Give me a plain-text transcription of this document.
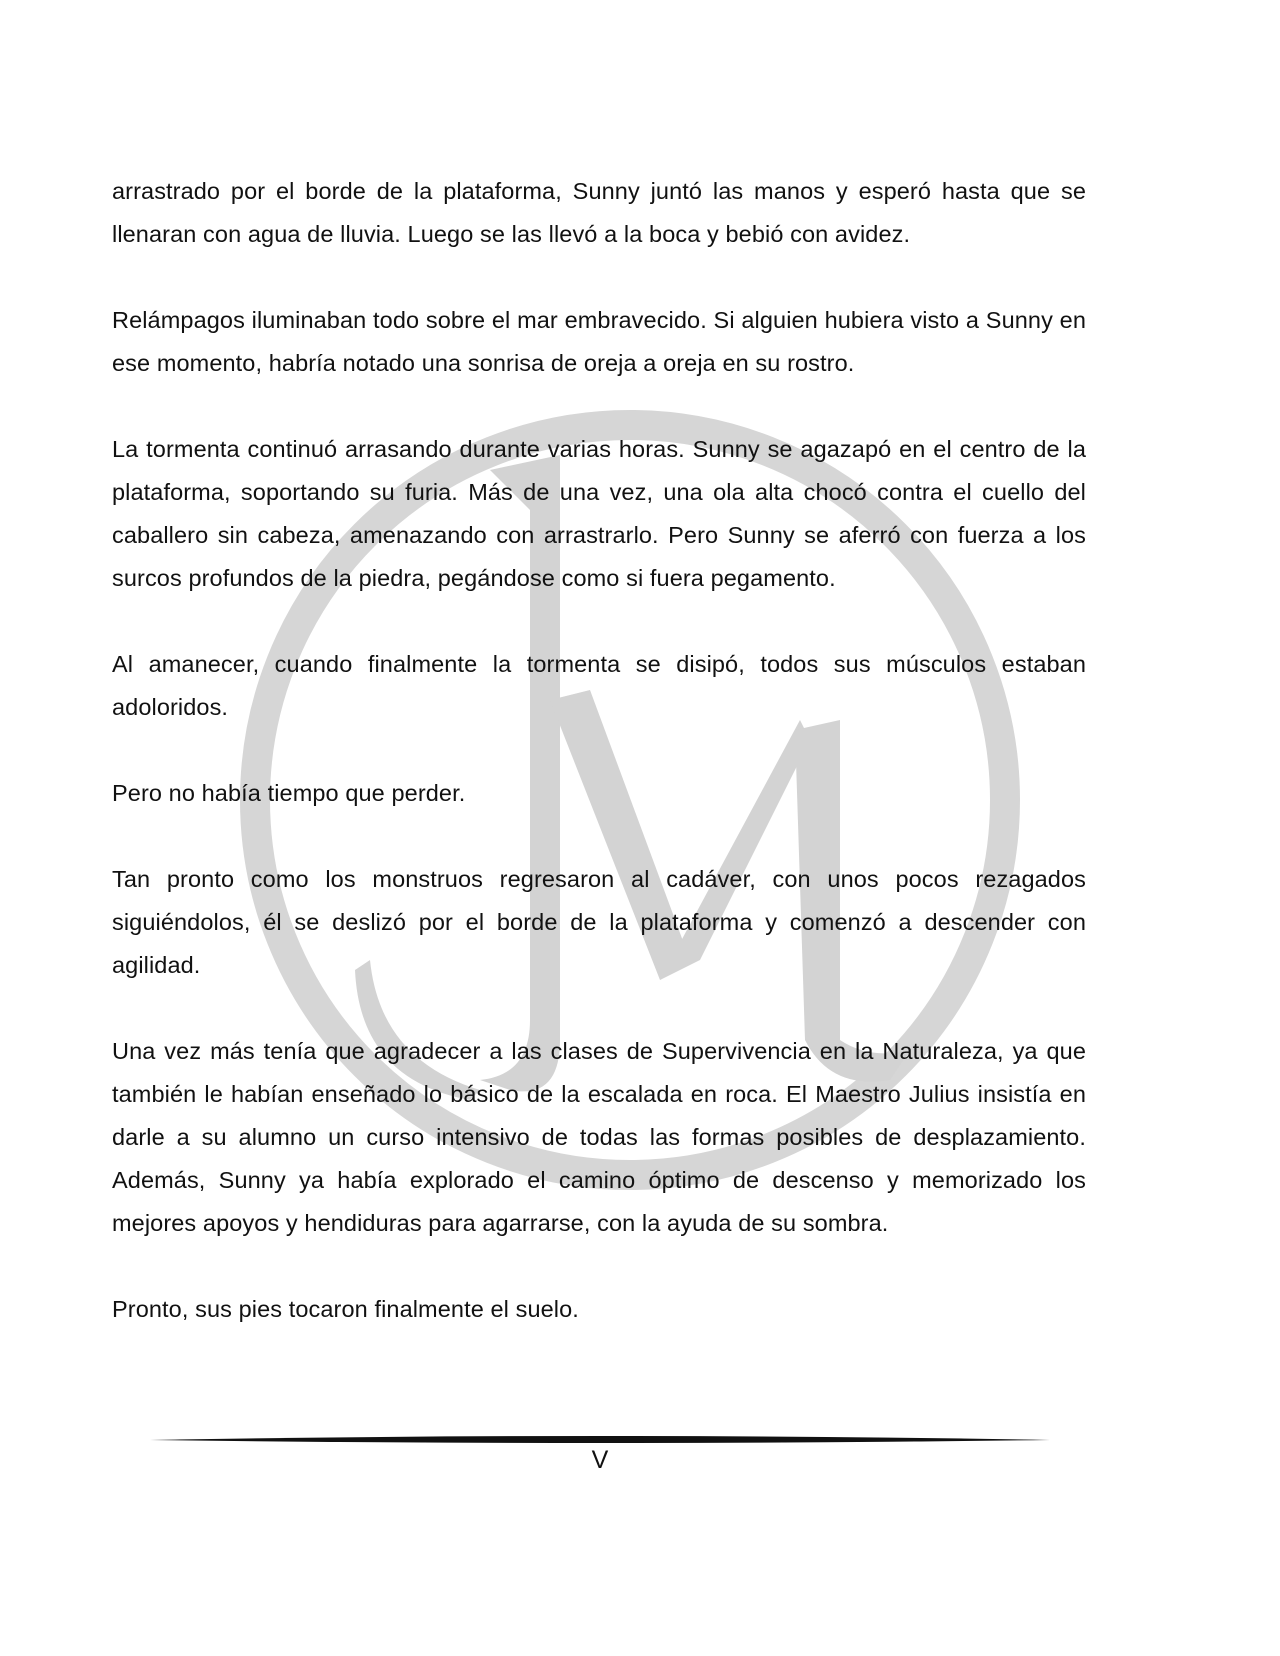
arrastrado por el borde de la plataforma, Sunny juntó las manos y esperó hasta que se llenaran con agua de lluvia. Luego se las llevó a la boca y bebió con avidez.

Relámpagos iluminaban todo sobre el mar embravecido. Si alguien hubiera visto a Sunny en ese momento, habría notado una sonrisa de oreja a oreja en su rostro.

La tormenta continuó arrasando durante varias horas. Sunny se agazapó en el centro de la plataforma, soportando su furia. Más de una vez, una ola alta chocó contra el cuello del caballero sin cabeza, amenazando con arrastrarlo. Pero Sunny se aferró con fuerza a los surcos profundos de la piedra, pegándose como si fuera pegamento.

Al amanecer, cuando finalmente la tormenta se disipó, todos sus músculos estaban adoloridos.

Pero no había tiempo que perder.

Tan pronto como los monstruos regresaron al cadáver, con unos pocos rezagados siguiéndolos, él se deslizó por el borde de la plataforma y comenzó a descender con agilidad.

Una vez más tenía que agradecer a las clases de Supervivencia en la Naturaleza, ya que también le habían enseñado lo básico de la escalada en roca. El Maestro Julius insistía en darle a su alumno un curso intensivo de todas las formas posibles de desplazamiento. Además, Sunny ya había explorado el camino óptimo de descenso y memorizado los mejores apoyos y hendiduras para agarrarse, con la ayuda de su sombra.

Pronto, sus pies tocaron finalmente el suelo.

V
